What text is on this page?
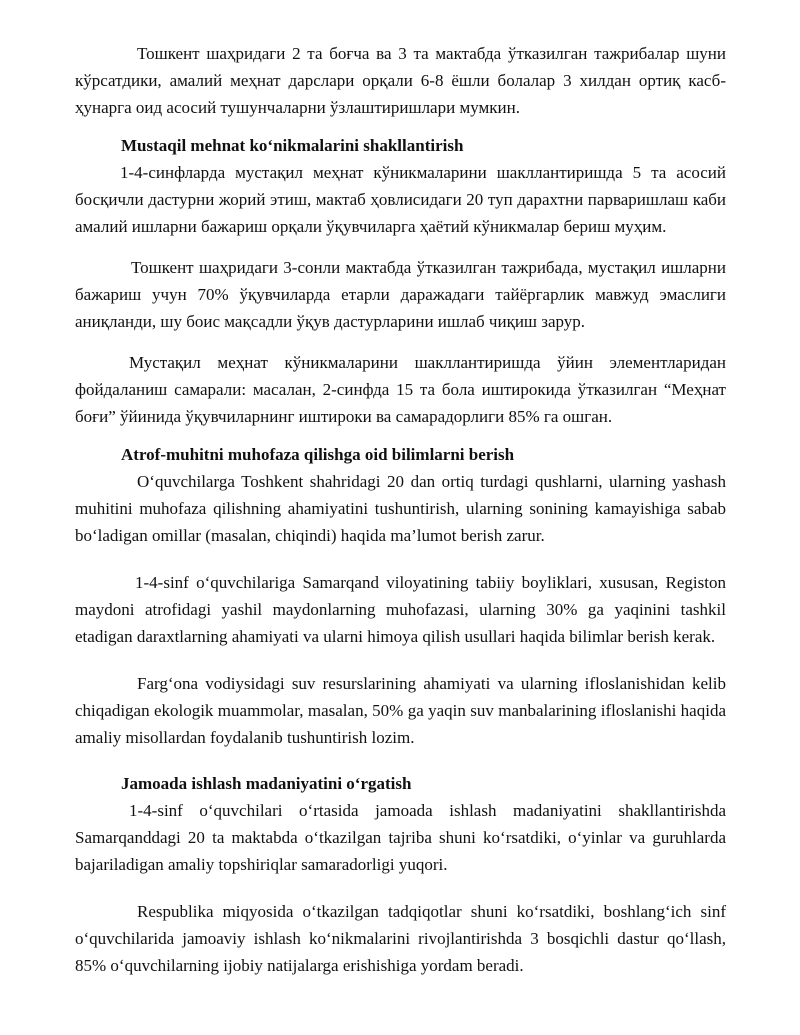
Тошкент шаҳридаги 2 та боғча ва 3 та мактабда ўтказилган тажрибалар шуни кўрсатдики, амалий меҳнат дарслари орқали 6-8 ёшли болалар 3 хилдан ортиқ касб-ҳунарга оид асосий тушунчаларни ўзлаштиришлари мумкин.

Mustaqil mehnat ko‘nikmalarini shakllantirish

1-4-синфларда мустақил меҳнат кўникмаларини шакллантиришда 5 та асосий босқичли дастурни жорий этиш, мактаб ҳовлисидаги 20 туп дарахтни парваришлаш каби амалий ишларни бажариш орқали ўқувчиларга ҳаётий кўникмалар бериш муҳим.

Тошкент шаҳридаги 3-сонли мактабда ўтказилган тажрибада, мустақил ишларни бажариш учун 70% ўқувчиларда етарли даражадаги тайёргарлик мавжуд эмаслиги аниқланди, шу боис мақсадли ўқув дастурларини ишлаб чиқиш зарур.

Мустақил меҳнат кўникмаларини шакллантиришда ўйин элементларидан фойдаланиш самарали: масалан, 2-синфда 15 та бола иштирокида ўтказилган “Меҳнат боғи” ўйинида ўқувчиларнинг иштироки ва самарадорлиги 85% га ошган.

Atrof-muhitni muhofaza qilishga oid bilimlarni berish

O‘quvchilarga Toshkent shahridagi 20 dan ortiq turdagi qushlarni, ularning yashash muhitini muhofaza qilishning ahamiyatini tushuntirish, ularning sonining kamayishiga sabab bo‘ladigan omillar (masalan, chiqindi) haqida ma’lumot berish zarur.

1-4-sinf o‘quvchilariga Samarqand viloyatining tabiiy boyliklari, xususan, Registon maydoni atrofidagi yashil maydonlarning muhofazasi, ularning 30% ga yaqinini tashkil etadigan daraxtlarning ahamiyati va ularni himoya qilish usullari haqida bilimlar berish kerak.

Farg‘ona vodiysidagi suv resurslarining ahamiyati va ularning ifloslanishidan kelib chiqadigan ekologik muammolar, masalan, 50% ga yaqin suv manbalarining ifloslanishi haqida amaliy misollardan foydalanib tushuntirish lozim.

Jamoada ishlash madaniyatini o‘rgatish

1-4-sinf o‘quvchilari o‘rtasida jamoada ishlash madaniyatini shakllantirishda Samarqanddagi 20 ta maktabda o‘tkazilgan tajriba shuni ko‘rsatdiki, o‘yinlar va guruhlarda bajariladigan amaliy topshiriqlar samaradorligi yuqori.

Respublika miqyosida o‘tkazilgan tadqiqotlar shuni ko‘rsatdiki, boshlang‘ich sinf o‘quvchilarida jamoaviy ishlash ko‘nikmalarini rivojlantirishda 3 bosqichli dastur qo‘llash, 85% o‘quvchilarning ijobiy natijalarga erishishiga yordam beradi.
